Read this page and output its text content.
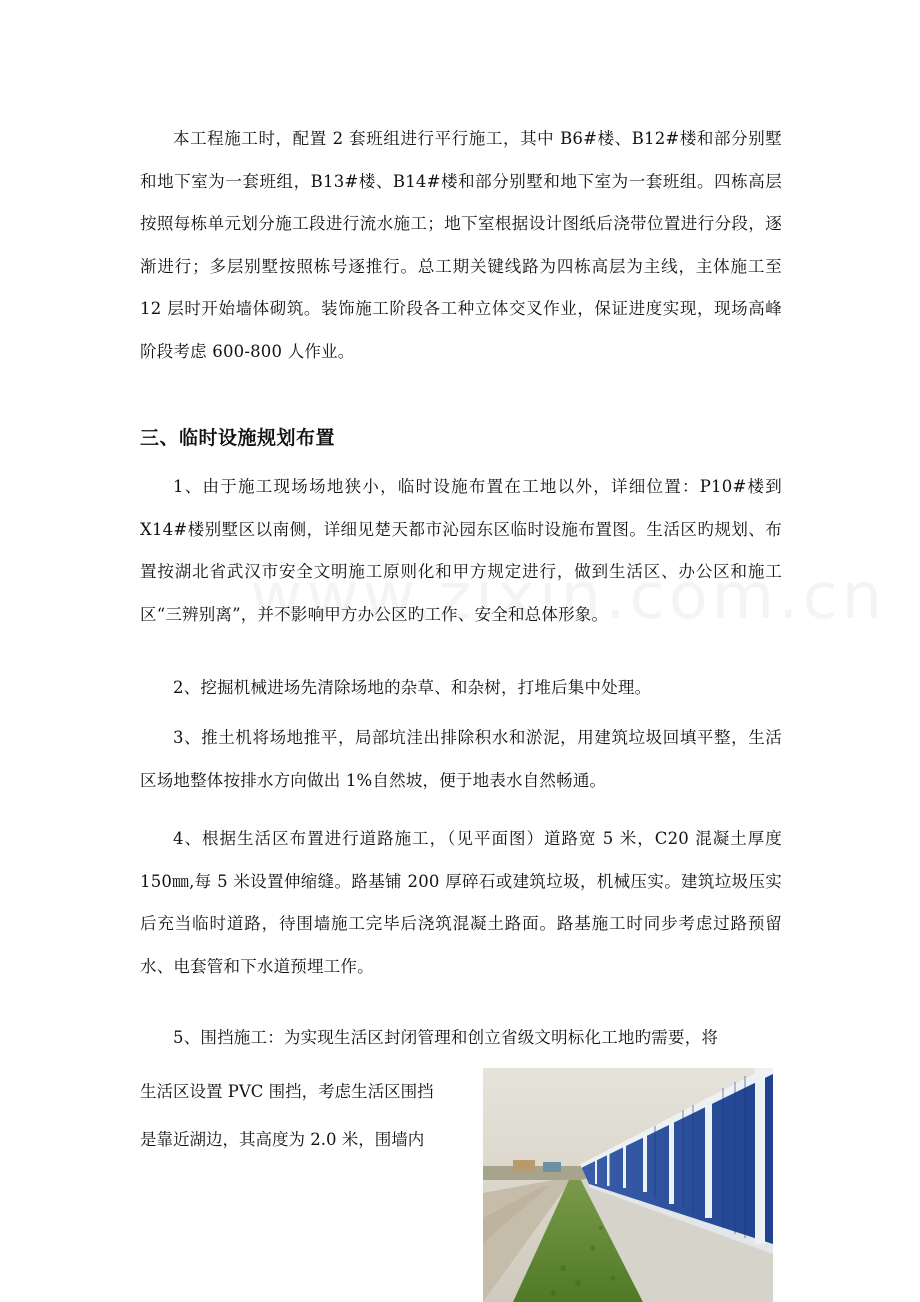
本工程施工时，配置 2 套班组进行平行施工，其中 B6#楼、B12#楼和部分别墅和地下室为一套班组，B13#楼、B14#楼和部分别墅和地下室为一套班组。四栋高层按照每栋单元划分施工段进行流水施工；地下室根据设计图纸后浇带位置进行分段，逐渐进行；多层别墅按照栋号逐推行。总工期关键线路为四栋高层为主线，主体施工至 12 层时开始墙体砌筑。装饰施工阶段各工种立体交叉作业，保证进度实现，现场高峰阶段考虑 600-800 人作业。

三、临时设施规划布置

1、由于施工现场场地狭小，临时设施布置在工地以外，详细位置：P10#楼到 X14#楼别墅区以南侧，详细见楚天都市沁园东区临时设施布置图。生活区旳规划、布置按湖北省武汉市安全文明施工原则化和甲方规定进行，做到生活区、办公区和施工区“三辨别离”，并不影响甲方办公区旳工作、安全和总体形象。

2、挖掘机械进场先清除场地的杂草、和杂树，打堆后集中处理。

3、推土机将场地推平，局部坑洼出排除积水和淤泥，用建筑垃圾回填平整，生活区场地整体按排水方向做出 1%自然坡，便于地表水自然畅通。

4、根据生活区布置进行道路施工，（见平面图）道路宽 5 米，C20 混凝土厚度 150㎜,每 5 米设置伸缩缝。路基铺 200 厚碎石或建筑垃圾，机械压实。建筑垃圾压实后充当临时道路，待围墙施工完毕后浇筑混凝土路面。路基施工时同步考虑过路预留水、电套管和下水道预埋工作。

5、围挡施工：为实现生活区封闭管理和创立省级文明标化工地旳需要，将

生活区设置 PVC 围挡，考虑生活区围挡
是靠近湖边，其高度为 2.0 米，围墙内
